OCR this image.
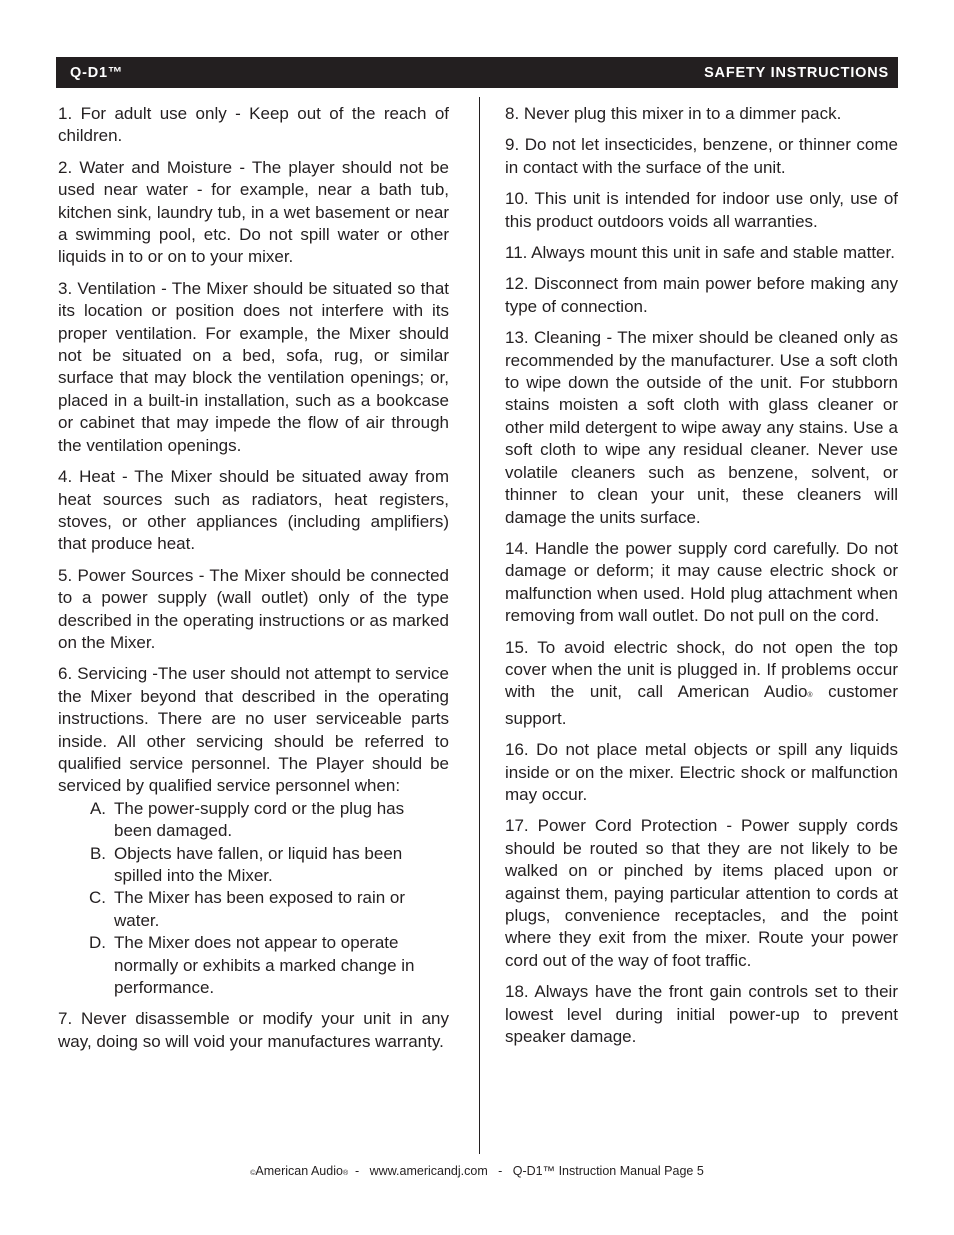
Q-D1™	SAFETY INSTRUCTIONS

1. For adult use only - Keep out of the reach of children.

2. Water and Moisture - The player should not be used near water - for example, near a bath tub, kitchen sink, laundry tub, in a wet basement or near a swimming pool, etc. Do not spill water or other liquids in to or on to your mixer.

3. Ventilation - The Mixer should be situated so that its location or position does not interfere with its proper ventilation. For example, the Mixer should not be situated on a bed, sofa, rug, or similar surface that may block the ventilation openings; or, placed in a built-in installation, such as a bookcase or cabinet that may impede the flow of air through the ventilation openings.

4. Heat - The Mixer should be situated away from heat sources such as radiators, heat registers, stoves, or other appliances (including amplifiers) that produce heat.

5. Power Sources - The Mixer should be connected to a power supply (wall outlet) only of the type described in the operating instructions or as marked on the Mixer.

6. Servicing -The user should not attempt to service the Mixer beyond that described in the operating instructions. There are no user serviceable parts inside. All other servicing should be referred to qualified service personnel. The Player should be serviced by qualified service personnel when:

A. The power-supply cord or the plug has been damaged.
B. Objects have fallen, or liquid has been spilled into the Mixer.
C. The Mixer has been exposed to rain or water.
D. The Mixer does not appear to operate normally or exhibits a marked change in performance.

7. Never disassemble or modify your unit in any way, doing so will void your manufactures warranty.

8. Never plug this mixer in to a dimmer pack.

9. Do not let insecticides, benzene, or thinner come in contact with the surface of the unit.

10. This unit is intended for indoor use only, use of this product outdoors voids all warranties.

11. Always mount this unit in safe and stable matter.

12. Disconnect from main power before making any type of connection.

13. Cleaning - The mixer should be cleaned only as recommended by the manufacturer. Use a soft cloth to wipe down the outside of the unit. For stubborn stains moisten a soft cloth with glass cleaner or other mild detergent to wipe away any stains. Use a soft cloth to wipe any residual cleaner. Never use volatile cleaners such as benzene, solvent, or thinner to clean your unit, these cleaners will damage the units surface.

14. Handle the power supply cord carefully. Do not damage or deform; it may cause electric shock or malfunction when used. Hold plug attachment when removing from wall outlet. Do not pull on the cord.

15. To avoid electric shock, do not open the top cover when the unit is plugged in. If problems occur with the unit, call American Audio® customer support.

16. Do not place metal objects or spill any liquids inside or on the mixer. Electric shock or malfunction may occur.

17. Power Cord Protection - Power supply cords should be routed so that they are not likely to be walked on or pinched by items placed upon or against them, paying particular attention to cords at plugs, convenience receptacles, and the point where they exit from the mixer. Route your power cord out of the way of foot traffic.

18. Always have the front gain controls set to their lowest level during initial power-up to prevent speaker damage.

©American Audio®  -   www.americandj.com   -   Q-D1™ Instruction Manual Page 5
